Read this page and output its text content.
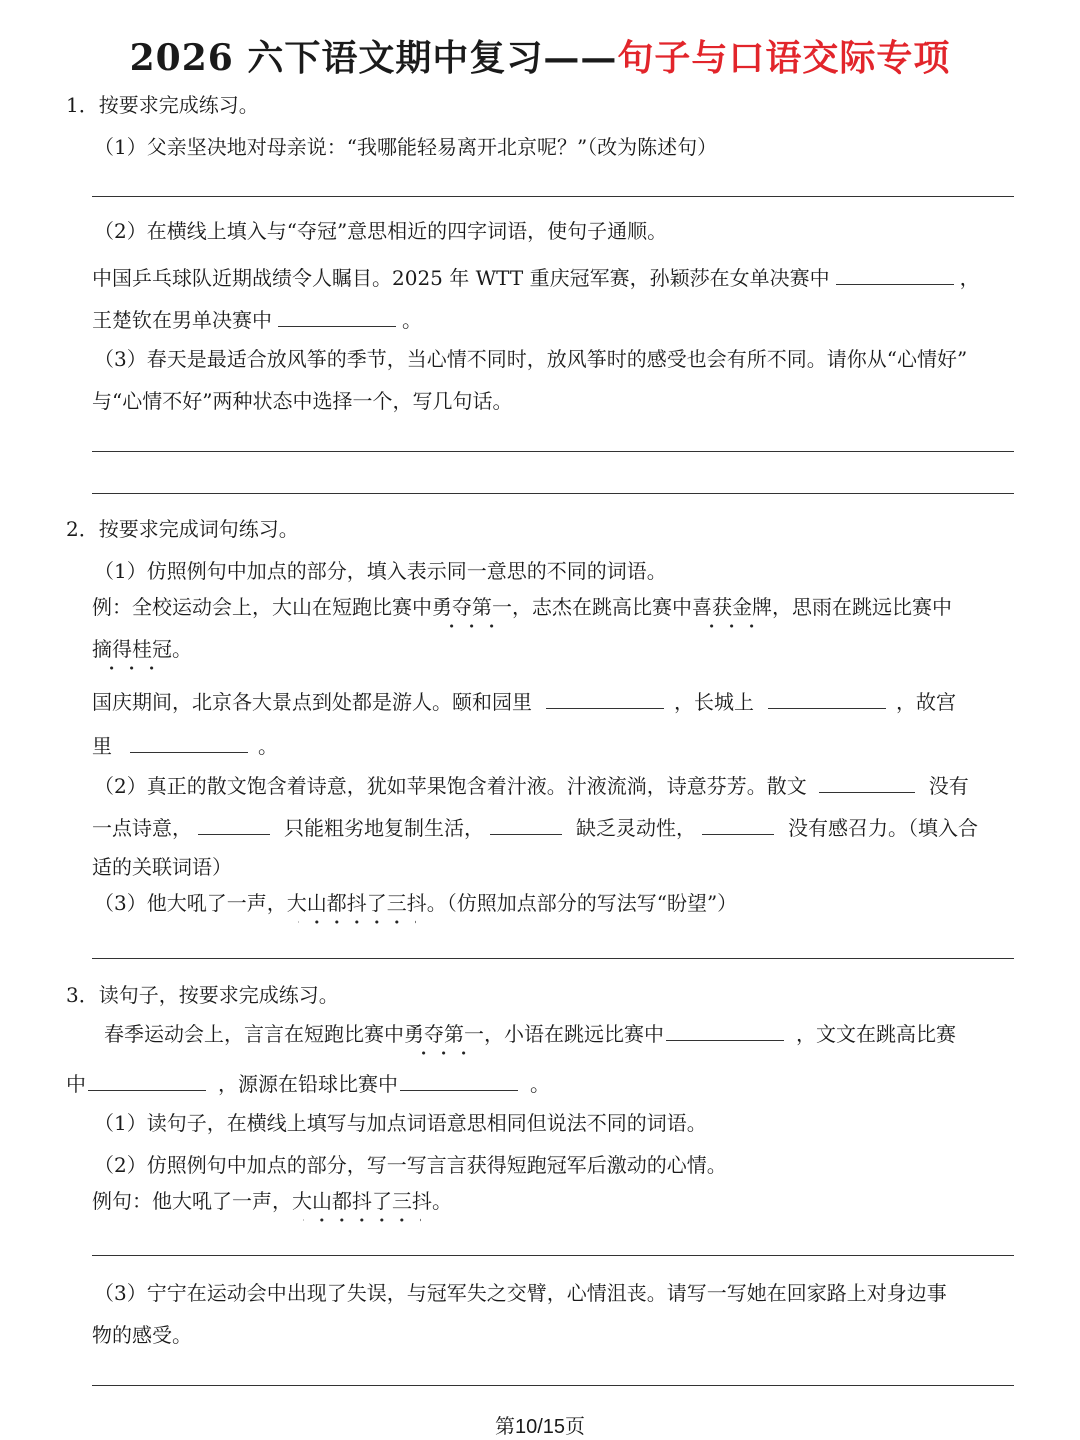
2026 六下语文期中复习——句子与口语交际专项
1．按要求完成练习。
（1）父亲坚决地对母亲说：“我哪能轻易离开北京呢？”（改为陈述句）
（2）在横线上填入与“夺冠”意思相近的四字词语，使句子通顺。
中国乒乓球队近期战绩令人瞩目。2025 年 WTT 重庆冠军赛，孙颖莎在女单决赛中	，
王楚钦在男单决赛中	。
（3）春天是最适合放风筝的季节，当心情不同时，放风筝时的感受也会有所不同。请你从“心情好”
与“心情不好”两种状态中选择一个，写几句话。
2．按要求完成词句练习。
（1）仿照例句中加点的部分，填入表示同一意思的不同的词语。
例：全校运动会上，大山在短跑比赛中勇夺第一，志杰在跳高比赛中喜获金牌，思雨在跳远比赛中
摘得桂冠。
国庆期间，北京各大景点到处都是游人。颐和园里	，长城上	，故宫
里	。
（2）真正的散文饱含着诗意，犹如苹果饱含着汁液。汁液流淌，诗意芬芳。散文	没有
一点诗意，	只能粗劣地复制生活，	缺乏灵动性，	没有感召力。（填入合
适的关联词语）
（3）他大吼了一声，大山都抖了三抖。（仿照加点部分的写法写“盼望”）
3．读句子，按要求完成练习。
春季运动会上，言言在短跑比赛中勇夺第一，小语在跳远比赛中	，文文在跳高比赛
中	，源源在铅球比赛中	。
（1）读句子，在横线上填写与加点词语意思相同但说法不同的词语。
（2）仿照例句中加点的部分，写一写言言获得短跑冠军后激动的心情。
例句：他大吼了一声，大山都抖了三抖。
（3）宁宁在运动会中出现了失误，与冠军失之交臂，心情沮丧。请写一写她在回家路上对身边事
物的感受。
第10/15页
